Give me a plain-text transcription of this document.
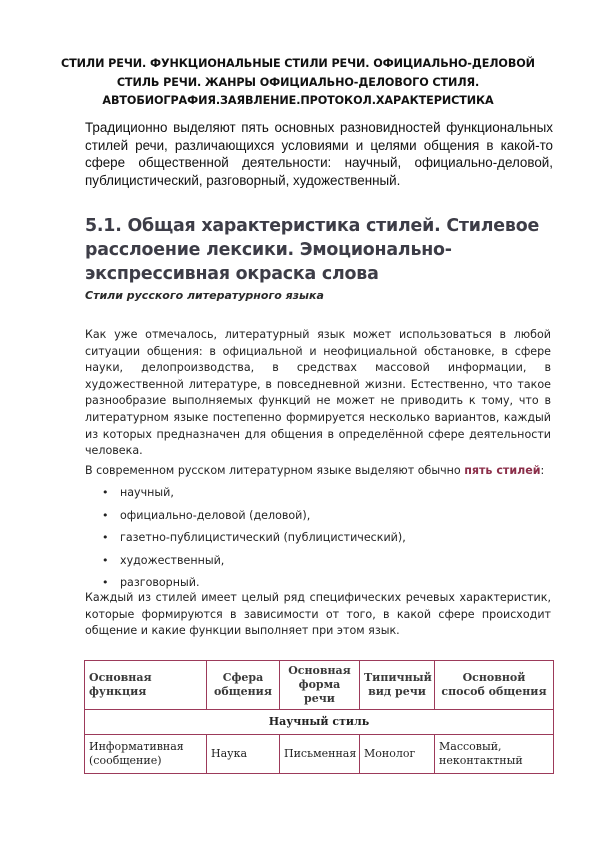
СТИЛИ РЕЧИ. ФУНКЦИОНАЛЬНЫЕ СТИЛИ РЕЧИ. ОФИЦИАЛЬНО-ДЕЛОВОЙ
СТИЛЬ РЕЧИ. ЖАНРЫ ОФИЦИАЛЬНО-ДЕЛОВОГО СТИЛЯ.
АВТОБИОГРАФИЯ.ЗАЯВЛЕНИЕ.ПРОТОКОЛ.ХАРАКТЕРИСТИКА
Традиционно выделяют пять основных разновидностей функциональных стилей речи, различающихся условиями и целями общения в какой-то сфере общественной деятельности: научный, официально-деловой, публицистический, разговорный, художественный.
5.1. Общая характеристика стилей. Стилевое расслоение лексики. Эмоционально-экспрессивная окраска слова
Стили русского литературного языка
Как уже отмечалось, литературный язык может использоваться в любой ситуации общения: в официальной и неофициальной обстановке, в сфере науки, делопроизводства, в средствах массовой информации, в художественной литературе, в повседневной жизни. Естественно, что такое разнообразие выполняемых функций не может не приводить к тому, что в литературном языке постепенно формируется несколько вариантов, каждый из которых предназначен для общения в определённой сфере деятельности человека.
В современном русском литературном языке выделяют обычно пять стилей:
• научный,
• официально-деловой (деловой),
• газетно-публицистический (публицистический),
• художественный,
• разговорный.
Каждый из стилей имеет целый ряд специфических речевых характеристик, которые формируются в зависимости от того, в какой сфере происходит общение и какие функции выполняет при этом язык.
Основная функция	Сфера общения	Основная форма речи	Типичный вид речи	Основной способ общения
Научный стиль				
Информативная (сообщение)	Наука	Письменная	Монолог	Массовый, неконтактный
